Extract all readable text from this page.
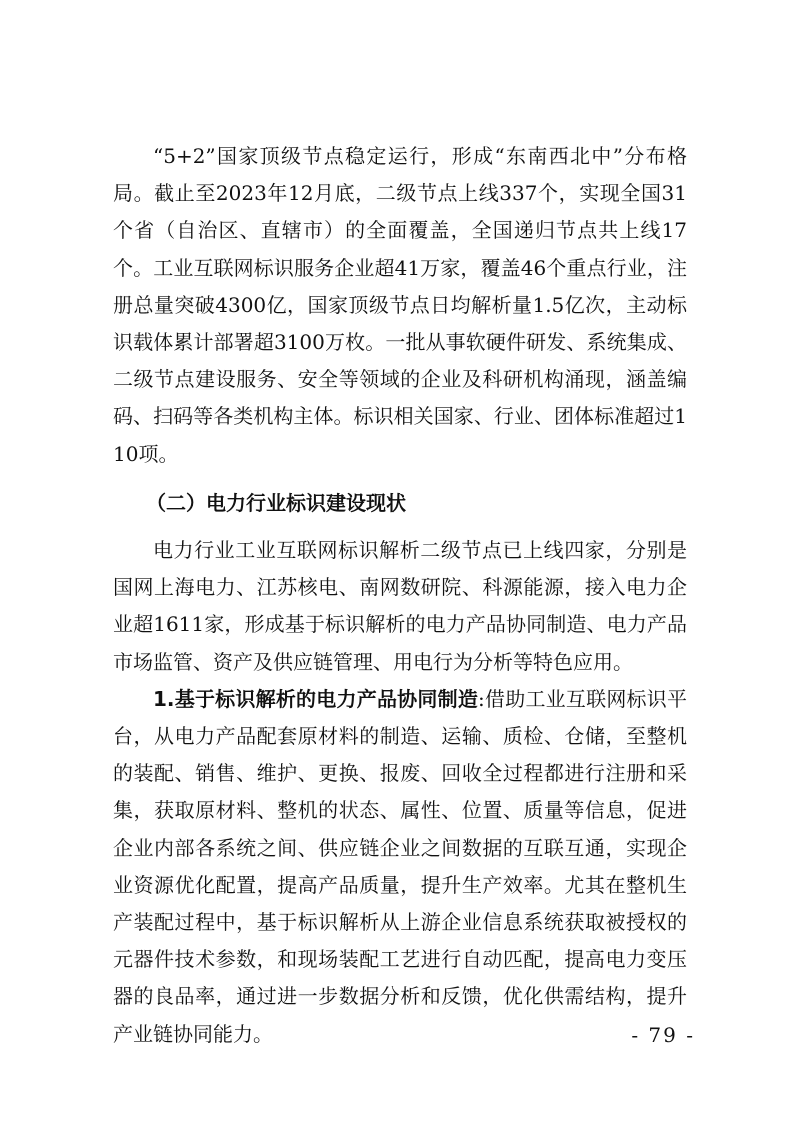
“5+2”国家顶级节点稳定运行，形成“东南西北中”分布格局。截止至2023年12月底，二级节点上线337个，实现全国31个省（自治区、直辖市）的全面覆盖，全国递归节点共上线17个。工业互联网标识服务企业超41万家，覆盖46个重点行业，注册总量突破4300亿，国家顶级节点日均解析量1.5亿次，主动标识载体累计部署超3100万枚。一批从事软硬件研发、系统集成、二级节点建设服务、安全等领域的企业及科研机构涌现，涵盖编码、扫码等各类机构主体。标识相关国家、行业、团体标准超过110项。

（二）电力行业标识建设现状

电力行业工业互联网标识解析二级节点已上线四家，分别是国网上海电力、江苏核电、南网数研院、科源能源，接入电力企业超1611家，形成基于标识解析的电力产品协同制造、电力产品市场监管、资产及供应链管理、用电行为分析等特色应用。

1.基于标识解析的电力产品协同制造:借助工业互联网标识平台，从电力产品配套原材料的制造、运输、质检、仓储，至整机的装配、销售、维护、更换、报废、回收全过程都进行注册和采集，获取原材料、整机的状态、属性、位置、质量等信息，促进企业内部各系统之间、供应链企业之间数据的互联互通，实现企业资源优化配置，提高产品质量，提升生产效率。尤其在整机生产装配过程中，基于标识解析从上游企业信息系统获取被授权的元器件技术参数，和现场装配工艺进行自动匹配，提高电力变压器的良品率，通过进一步数据分析和反馈，优化供需结构，提升产业链协同能力。	- 79 -
